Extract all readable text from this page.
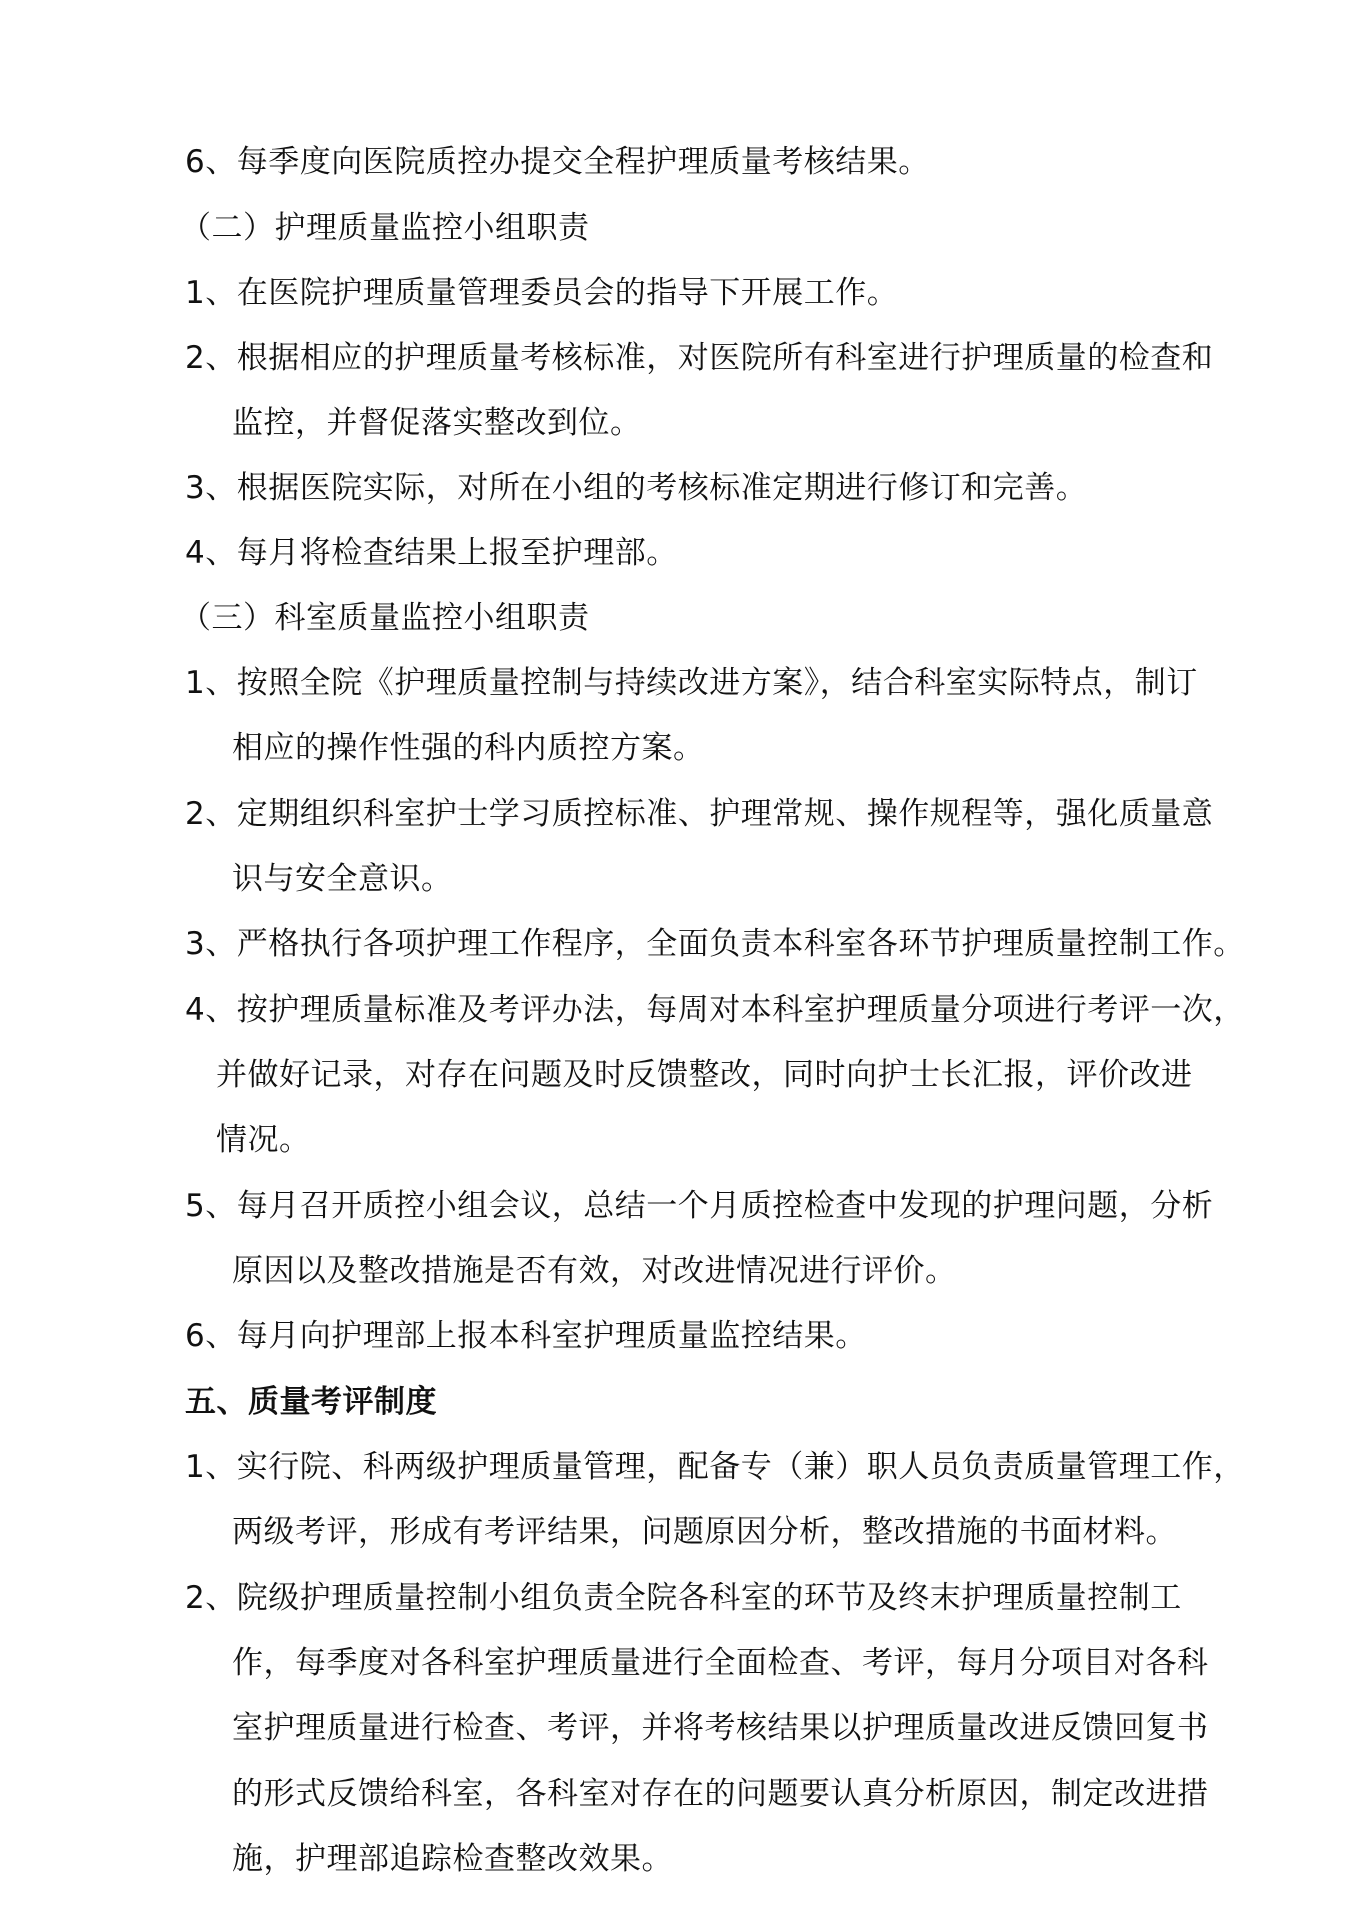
6、每季度向医院质控办提交全程护理质量考核结果。
（二）护理质量监控小组职责
1、在医院护理质量管理委员会的指导下开展工作。
2、根据相应的护理质量考核标准，对医院所有科室进行护理质量的检查和
监控，并督促落实整改到位。
3、根据医院实际，对所在小组的考核标准定期进行修订和完善。
4、每月将检查结果上报至护理部。
（三）科室质量监控小组职责
1、按照全院《护理质量控制与持续改进方案》，结合科室实际特点，制订
相应的操作性强的科内质控方案。
2、定期组织科室护士学习质控标准、护理常规、操作规程等，强化质量意
识与安全意识。
3、严格执行各项护理工作程序，全面负责本科室各环节护理质量控制工作。
4、按护理质量标准及考评办法，每周对本科室护理质量分项进行考评一次，
并做好记录，对存在问题及时反馈整改，同时向护士长汇报，评价改进
情况。
5、每月召开质控小组会议，总结一个月质控检查中发现的护理问题，分析
原因以及整改措施是否有效，对改进情况进行评价。
6、每月向护理部上报本科室护理质量监控结果。
五、质量考评制度
1、实行院、科两级护理质量管理，配备专（兼）职人员负责质量管理工作，
两级考评，形成有考评结果，问题原因分析，整改措施的书面材料。
2、院级护理质量控制小组负责全院各科室的环节及终末护理质量控制工
作，每季度对各科室护理质量进行全面检查、考评，每月分项目对各科
室护理质量进行检查、考评，并将考核结果以护理质量改进反馈回复书
的形式反馈给科室，各科室对存在的问题要认真分析原因，制定改进措
施，护理部追踪检查整改效果。
